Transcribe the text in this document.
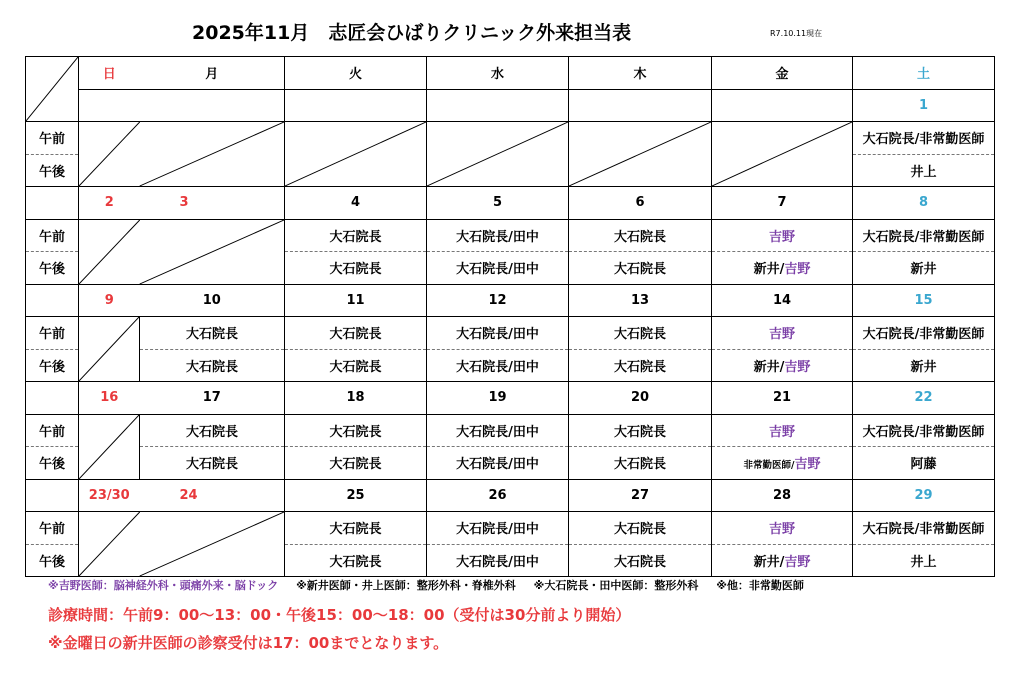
2025年11月　志匠会ひばりクリニック外来担当表	R7.10.11現在
	日	月	火	水	木	金	土
							1
午前							大石院長/非常勤医師
午後							井上
	2	3	4	5	6	7	8
午前			大石院長	大石院長/田中	大石院長	吉野	大石院長/非常勤医師
午後			大石院長	大石院長/田中	大石院長	新井/吉野	新井
	9	10	11	12	13	14	15
午前		大石院長	大石院長	大石院長/田中	大石院長	吉野	大石院長/非常勤医師
午後		大石院長	大石院長	大石院長/田中	大石院長	新井/吉野	新井
	16	17	18	19	20	21	22
午前		大石院長	大石院長	大石院長/田中	大石院長	吉野	大石院長/非常勤医師
午後		大石院長	大石院長	大石院長/田中	大石院長	非常勤医師/吉野	阿藤
	23/30	24	25	26	27	28	29
午前			大石院長	大石院長/田中	大石院長	吉野	大石院長/非常勤医師
午後			大石院長	大石院長/田中	大石院長	新井/吉野	井上
※吉野医師：脳神経外科・頭痛外来・脳ドック ※新井医師・井上医師：整形外科・脊椎外科 ※大石院長・田中医師：整形外科 ※他：非常勤医師
診療時間：午前9：00～13：00・午後15：00～18：00（受付は30分前より開始）
※金曜日の新井医師の診察受付は17：00までとなります。
